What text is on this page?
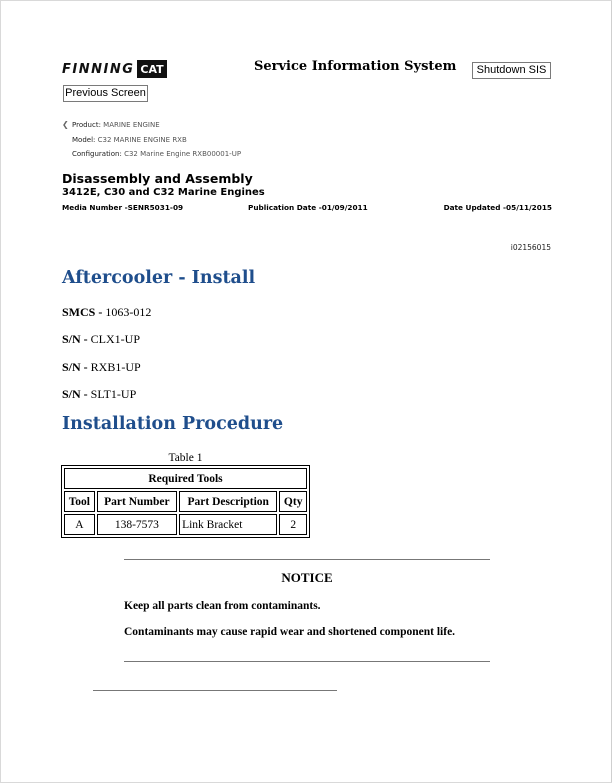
FINNING CAT
Previous Screen
Service Information System	Shutdown SIS
❮ Product: MARINE ENGINE
Model: C32 MARINE ENGINE RXB
Configuration: C32 Marine Engine RXB00001-UP
Disassembly and Assembly
3412E, C30 and C32 Marine Engines
Media Number -SENR5031-09	Publication Date -01/09/2011	Date Updated -05/11/2015
i02156015
Aftercooler - Install
SMCS - 1063-012
S/N - CLX1-UP
S/N - RXB1-UP
S/N - SLT1-UP
Installation Procedure
Table 1
Required Tools			
Tool	Part Number	Part Description	Qty
A	138-7573	Link Bracket	2
NOTICE
Keep all parts clean from contaminants.
Contaminants may cause rapid wear and shortened component life.
